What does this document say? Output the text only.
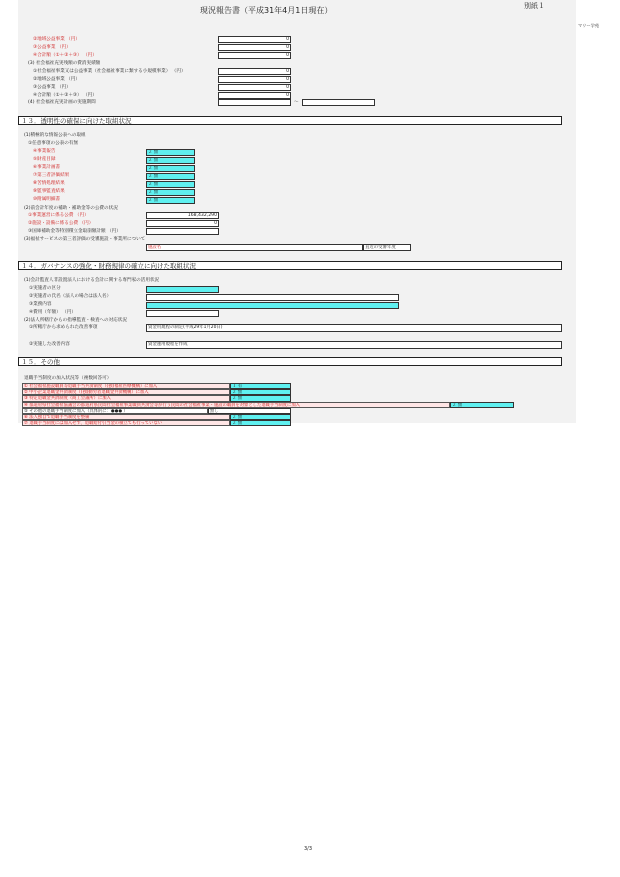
現況報告書（平成31年4月1日現在）	別紙１
マリー学苑
②地域公益事業 （円）	0
③公益事業 （円）	0
④合計額（①＋②＋③） （円）	0
(3) 社会福祉充実残額の費消実績額
①社会福祉事業又は公益事業（社会福祉事業に類する小規模事業） （円）	0
②地域公益事業 （円）	0
③公益事業 （円）	0
④合計額（①＋②＋③） （円）	0
(4) 社会福祉充実計画の実施期間	～
１３．透明性の確保に向けた取組状況
(1)積極的な情報公表への取組
①任意事項の公表の有無
④事業報告	２ 無
⑤財産目録	２ 無
⑥事業計画書	２ 無
⑦第三者評価結果	２ 無
⑧苦情処理結果	２ 無
⑨監事監査結果	２ 無
⑩附属明細書	２ 無
(2)前会計年度の補助・補助金等の公費の状況
①事業運営に係る公費 （円）	168,432,290
②施設・設備に係る公費 （円）	0
③国庫補助金等特別積立金取崩額計額 （円）
(3)福祉サービスの第三者評価の受審施設・事業所について
施設名	直近の受審年度
１４．ガバナンスの強化・財務規律の確立に向けた取組状況
(1)会計監査人非設置法人における会計に関する専門家の活用状況
①実施者の区分
②実施者の氏名（法人の場合は法人名）
③業務内容
④費用（年額） （円）
(2)法人所轄庁からの指導監査・検査への対応状況
①所轄庁から求められた改善事項	資金用規程の制定(平成29年1月20日)
②実施した改善内容	資金運用規程を作成
１５．その他
退職手当制度の加入状況等（複数回答可）
① 社会福祉施設職員等退職手当共済制度（(独)福祉医療機構）に加入	１ 有
② 中小企業退職金共済制度（(独)勤労者退職金共済機構）に加入	２ 無
③ 特定退職金共済制度（商工会議所）に加入	２ 無
④ 都道府県社会福祉協議会の都道府県民間社会福祉事業職員共済会等が行う民間の社会福祉事業・施設の職員を対象とした退職手当制度に加入	２ 無
⑤ その他の退職手当制度に加入（具体的に：●●● ）	無し
⑥ 法人独自で退職手当制度を整備	２ 無
⑦ 退職手当制度には加入せず、退職給付引当金の積立ても行っていない	２ 無
3/3
